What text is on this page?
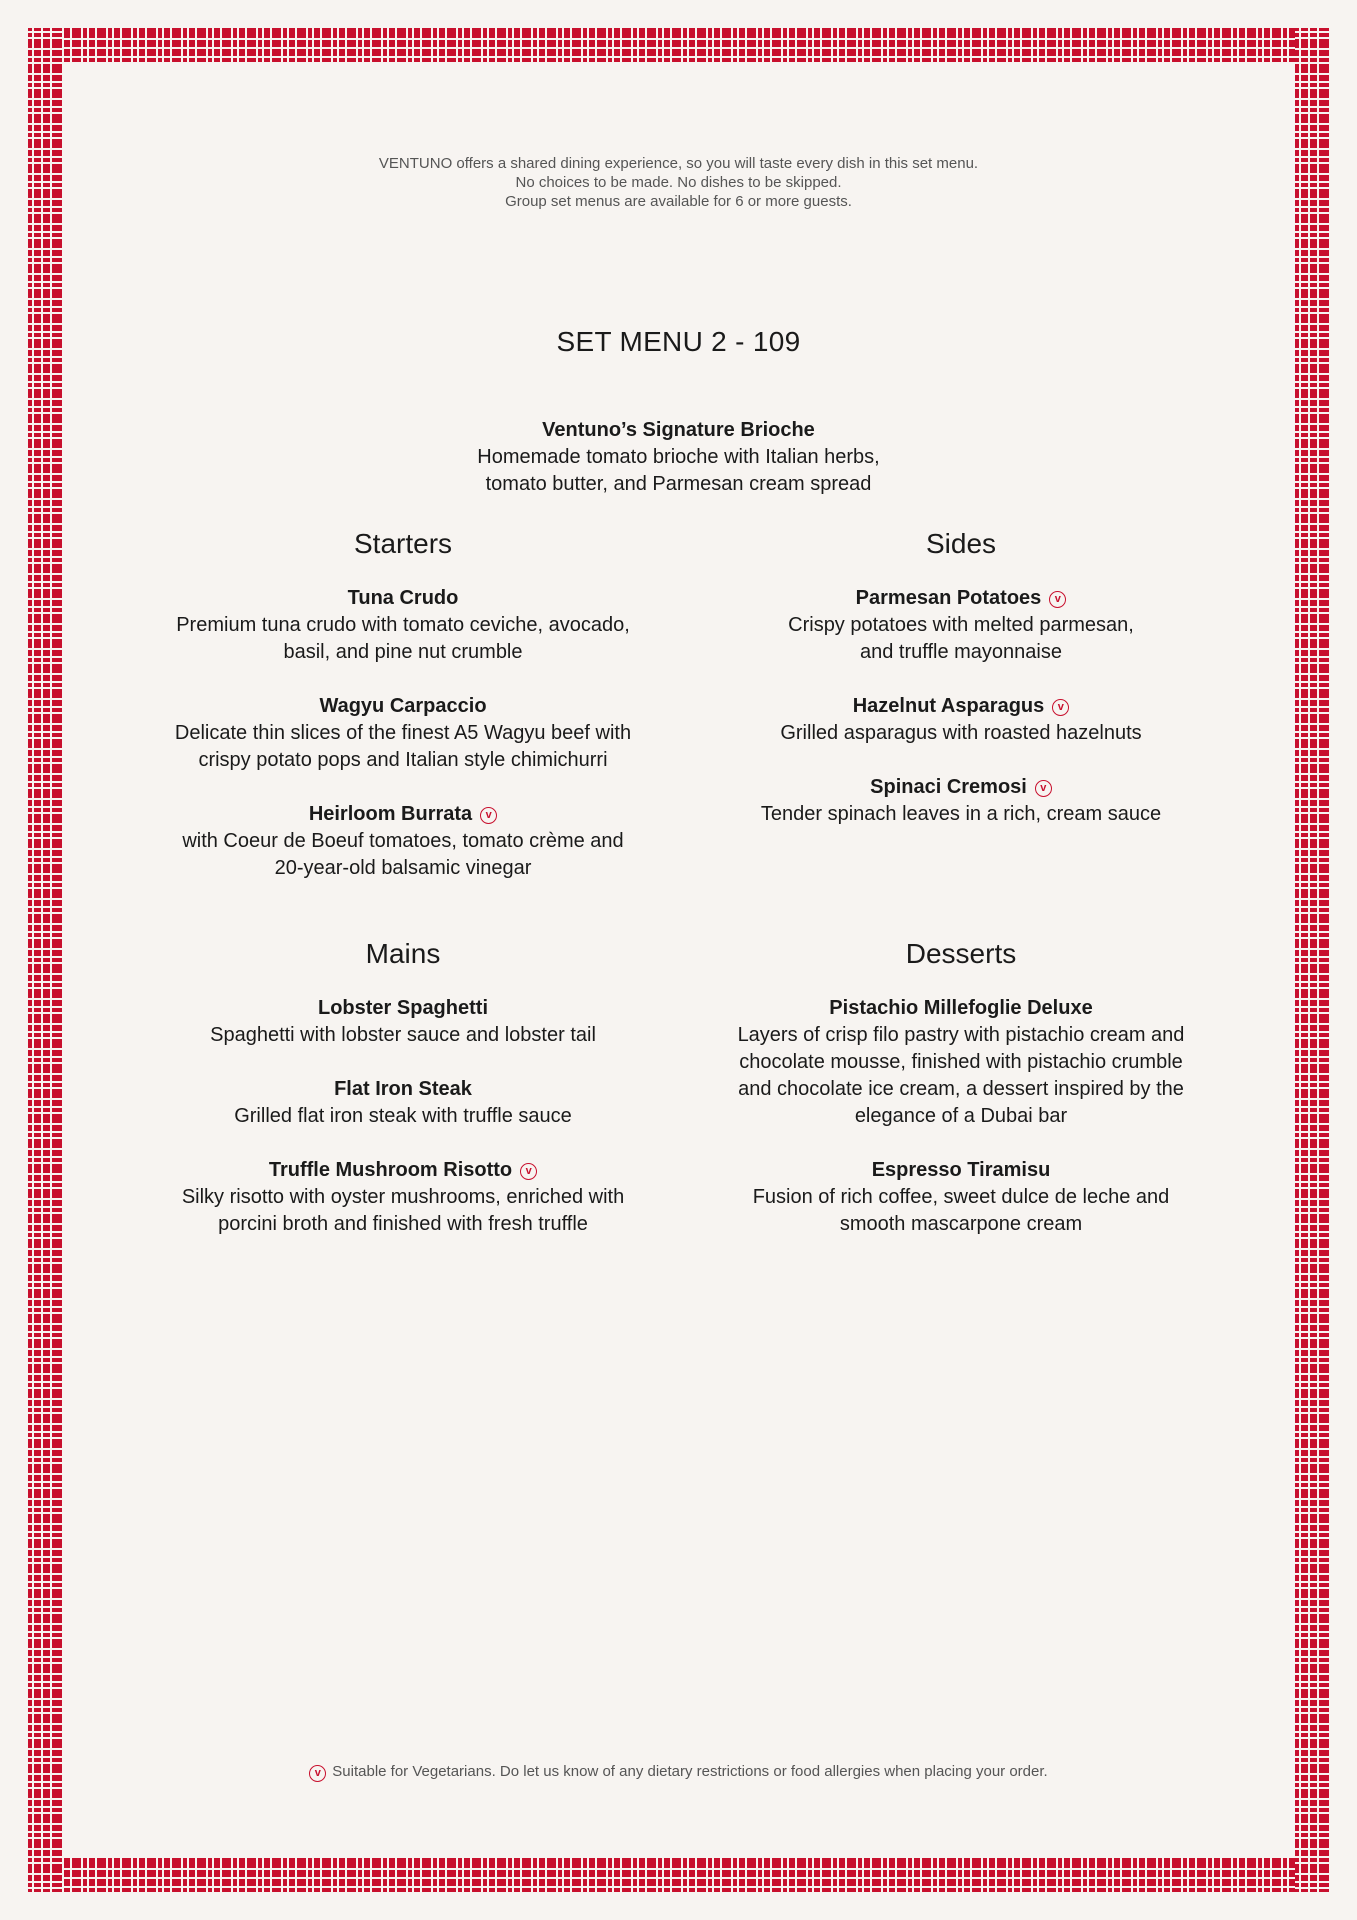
VENTUNO offers a shared dining experience, so you will taste every dish in this set menu.
No choices to be made. No dishes to be skipped.
Group set menus are available for 6 or more guests.
SET MENU 2 - 109
Ventuno’s Signature Brioche
Homemade tomato brioche with Italian herbs,
tomato butter, and Parmesan cream spread
Starters
Tuna Crudo
Premium tuna crudo with tomato ceviche, avocado,
basil, and pine nut crumble
Wagyu Carpaccio
Delicate thin slices of the finest A5 Wagyu beef with
crispy potato pops and Italian style chimichurri
Heirloom Burrata v
with Coeur de Boeuf tomatoes, tomato crème and
20-year-old balsamic vinegar
Sides
Parmesan Potatoes v
Crispy potatoes with melted parmesan,
and truffle mayonnaise
Hazelnut Asparagus v
Grilled asparagus with roasted hazelnuts
Spinaci Cremosi v
Tender spinach leaves in a rich, cream sauce
Mains
Lobster Spaghetti
Spaghetti with lobster sauce and lobster tail
Flat Iron Steak
Grilled flat iron steak with truffle sauce
Truffle Mushroom Risotto v
Silky risotto with oyster mushrooms, enriched with
porcini broth and finished with fresh truffle
Desserts
Pistachio Millefoglie Deluxe
Layers of crisp filo pastry with pistachio cream and
chocolate mousse, finished with pistachio crumble
and chocolate ice cream, a dessert inspired by the
elegance of a Dubai bar
Espresso Tiramisu
Fusion of rich coffee, sweet dulce de leche and
smooth mascarpone cream
v Suitable for Vegetarians. Do let us know of any dietary restrictions or food allergies when placing your order.
